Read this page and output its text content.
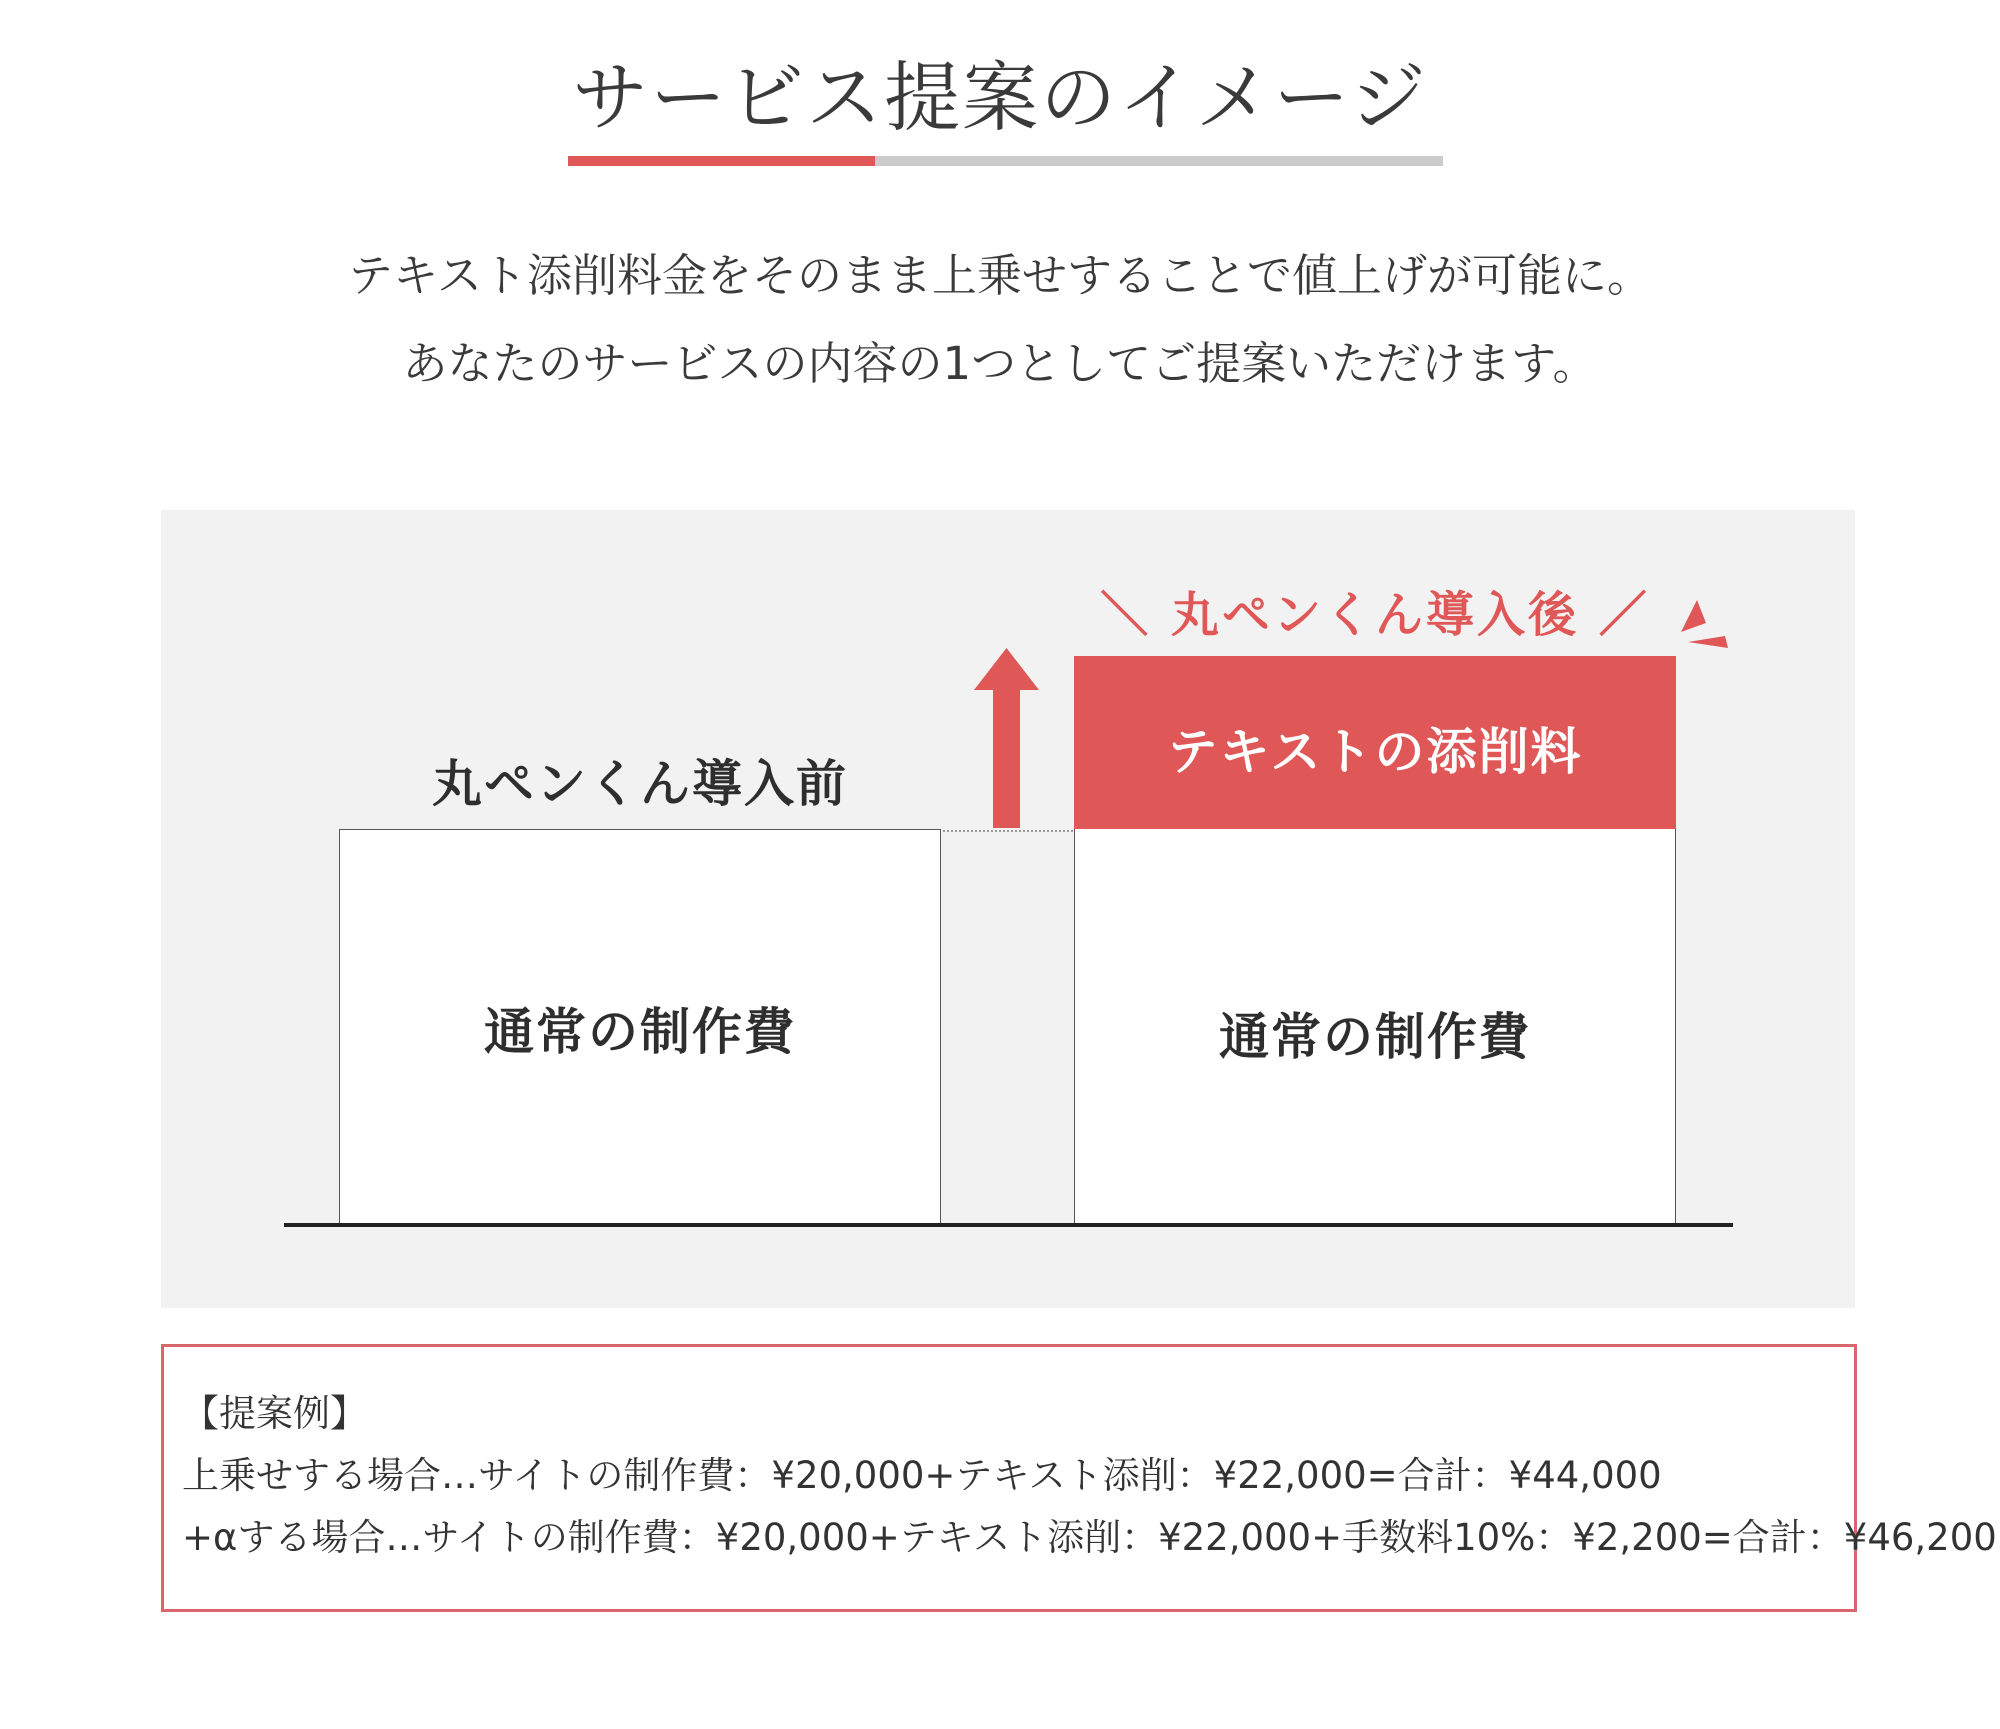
サービス提案のイメージ
テキスト添削料金をそのまま上乗せすることで値上げが可能に。
あなたのサービスの内容の1つとしてご提案いただけます。
丸ペンくん導入前
＼ 丸ペンくん導入後 ／
通常の制作費
テキストの添削料
通常の制作費
【提案例】
上乗せする場合…サイトの制作費：¥20,000+テキスト添削：¥22,000=合計：¥44,000
+αする場合…サイトの制作費：¥20,000+テキスト添削：¥22,000+手数料10%：¥2,200=合計：¥46,200
